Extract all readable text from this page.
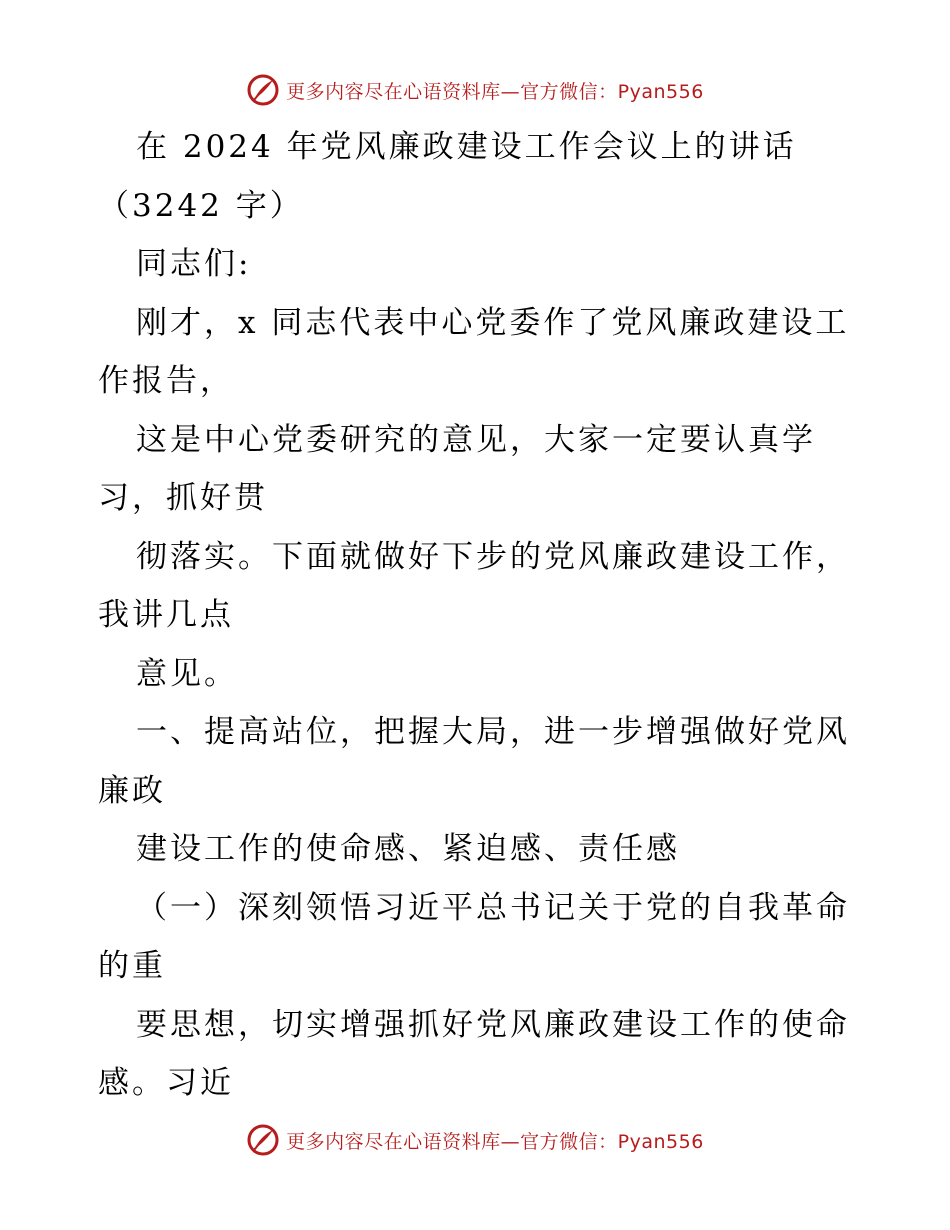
更多内容尽在心语资料库—官方微信：Pyan556
在 2024 年党风廉政建设工作会议上的讲话
（3242 字）
同志们:
刚才，x 同志代表中心党委作了党风廉政建设工
作报告，
这是中心党委研究的意见，大家一定要认真学
习，抓好贯
彻落实。下面就做好下步的党风廉政建设工作，
我讲几点
意见。
一、提高站位，把握大局，进一步增强做好党风
廉政
建设工作的使命感、紧迫感、责任感
（一）深刻领悟习近平总书记关于党的自我革命
的重
要思想，切实增强抓好党风廉政建设工作的使命
感。习近
更多内容尽在心语资料库—官方微信：Pyan556
